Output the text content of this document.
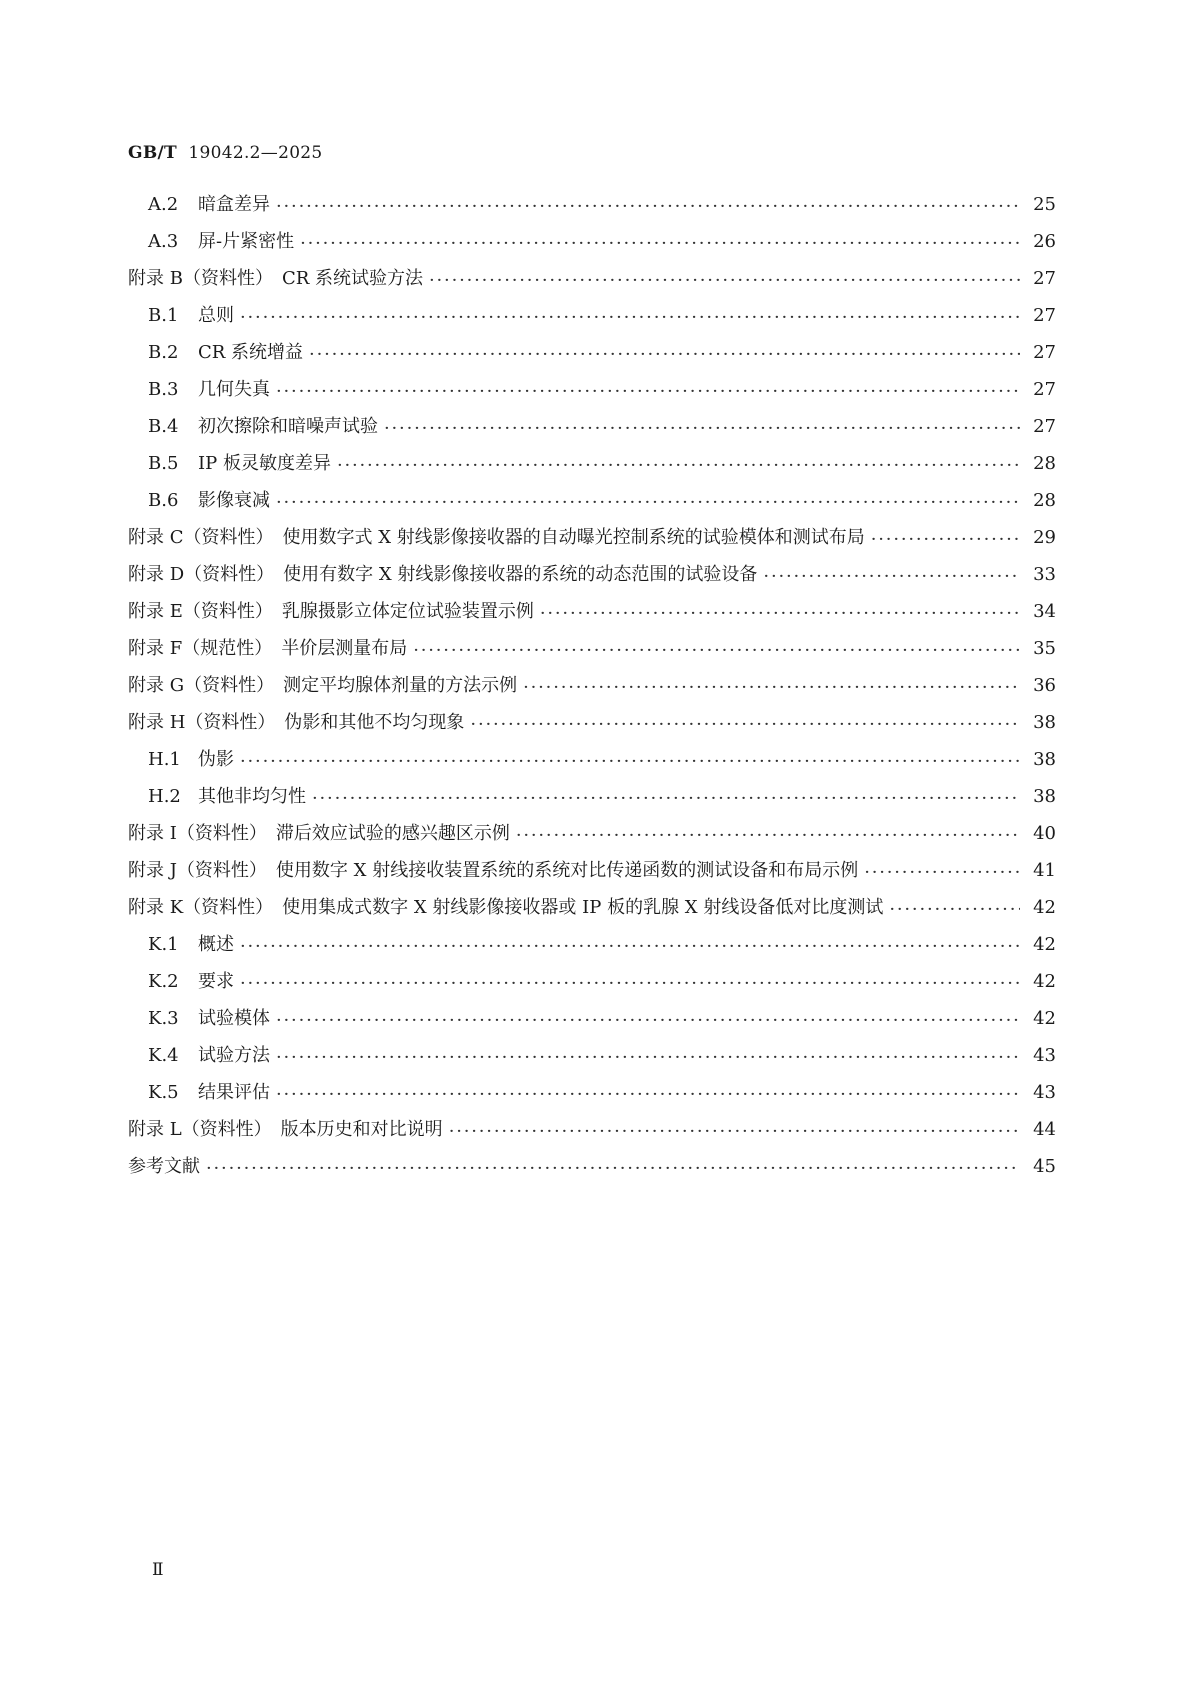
GB/T 19042.2—2025
A.2	暗盒差异 ·····	25
A.3	屏-片紧密性 ·····	26
附录 B（资料性）　CR 系统试验方法 ·····	27
B.1	总则 ·····	27
B.2	CR 系统增益 ·····	27
B.3	几何失真 ·····	27
B.4	初次擦除和暗噪声试验 ·····	27
B.5	IP 板灵敏度差异 ·····	28
B.6	影像衰减 ·····	28
附录 C（资料性）　使用数字式 X 射线影像接收器的自动曝光控制系统的试验模体和测试布局 ·····	29
附录 D（资料性）　使用有数字 X 射线影像接收器的系统的动态范围的试验设备 ·····	33
附录 E（资料性）　乳腺摄影立体定位试验装置示例 ·····	34
附录 F（规范性）　半价层测量布局 ·····	35
附录 G（资料性）　测定平均腺体剂量的方法示例 ·····	36
附录 H（资料性）　伪影和其他不均匀现象 ·····	38
H.1 伪影 ·····	38
H.2 其他非均匀性 ·····	38
附录 I（资料性）　滞后效应试验的感兴趣区示例 ·····	40
附录 J（资料性）　使用数字 X 射线接收装置系统的系统对比传递函数的测试设备和布局示例 ·····	41
附录 K（资料性）　使用集成式数字 X 射线影像接收器或 IP 板的乳腺 X 射线设备低对比度测试 ·····	42
K.1	概述 ·····	42
K.2	要求 ·····	42
K.3	试验模体 ·····	42
K.4	试验方法 ·····	43
K.5	结果评估 ·····	43
附录 L（资料性）　版本历史和对比说明 ·····	44
参考文献 ·····	45
Ⅱ
